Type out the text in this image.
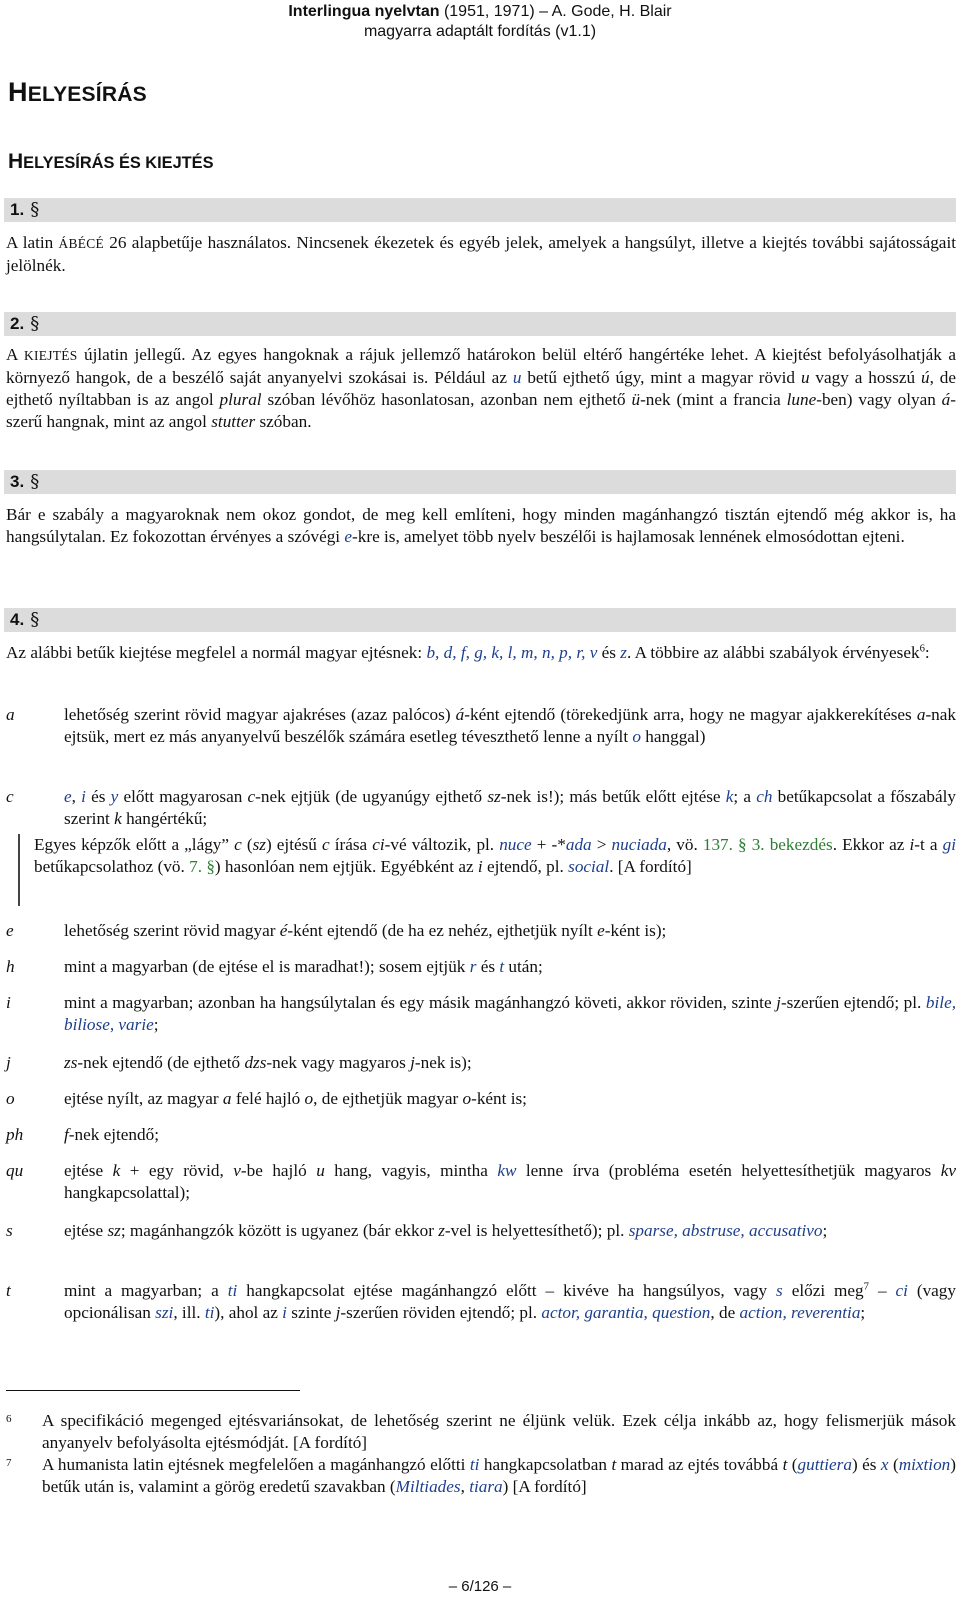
Interlingua nyelvtan (1951, 1971) – A. Gode, H. Blair
magyarra adaptált fordítás (v1.1)
HELYESÍRÁS
HELYESÍRÁS ÉS KIEJTÉS
1. §

A latin ÁBÉCÉ 26 alapbetűje használatos. Nincsenek ékezetek és egyéb jelek, amelyek a hangsúlyt, illetve a kiejtés további sajátosságait jelölnék.

2. §

A KIEJTÉS újlatin jellegű. Az egyes hangoknak a rájuk jellemző határokon belül eltérő hangértéke lehet. A kiejtést befolyásolhatják a környező hangok, de a beszélő saját anyanyelvi szokásai is. Például az u betű ejthető úgy, mint a magyar rövid u vagy a hosszú ú, de ejthető nyíltabban is az angol plural szóban lévőhöz hasonlatosan, azonban nem ejthető ü-nek (mint a francia lune-ben) vagy olyan á-szerű hangnak, mint az angol stutter szóban.

3. §

Bár e szabály a magyaroknak nem okoz gondot, de meg kell említeni, hogy minden magánhangzó tisztán ejtendő még akkor is, ha hangsúlytalan. Ez fokozottan érvényes a szóvégi e-kre is, amelyet több nyelv beszélői is hajlamosak lennének elmosódottan ejteni.

4. §

Az alábbi betűk kiejtése megfelel a normál magyar ejtésnek: b, d, f, g, k, l, m, n, p, r, v és z. A többire az alábbi szabályok érvényesek$^6$:

a	lehetőség szerint rövid magyar ajakréses (azaz palócos) á-ként ejtendő (törekedjünk arra, hogy ne magyar ajakkerekítéses a-nak ejtsük, mert ez más anyanyelvű beszélők számára esetleg téveszthető lenne a nyílt o hanggal)
c	e, i és y előtt magyarosan c-nek ejtjük (de ugyanúgy ejthető sz-nek is!); más betűk előtt ejtése k; a ch betűkapcsolat a főszabály szerint k hangértékű;
Egyes képzők előtt a „lágy” c (sz) ejtésű c írása ci-vé változik, pl. nuce + -*ada > nuciada, vö. 137. § 3. bekezdés. Ekkor az i-t a gi betűkapcsolathoz (vö. 7. §) hasonlóan nem ejtjük. Egyébként az i ejtendő, pl. social. [A fordító]
e	lehetőség szerint rövid magyar é-ként ejtendő (de ha ez nehéz, ejthetjük nyílt e-ként is);
h	mint a magyarban (de ejtése el is maradhat!); sosem ejtjük r és t után;
i	mint a magyarban; azonban ha hangsúlytalan és egy másik magánhangzó követi, akkor röviden, szinte j-szerűen ejtendő; pl. bile, biliose, varie;
j	zs-nek ejtendő (de ejthető dzs-nek vagy magyaros j-nek is);
o	ejtése nyílt, az magyar a felé hajló o, de ejthetjük magyar o-ként is;
ph f-nek ejtendő;
qu ejtése k + egy rövid, v-be hajló u hang, vagyis, mintha kw lenne írva (probléma esetén helyettesíthetjük magyaros kv hangkapcsolattal);
s	ejtése sz; magánhangzók között is ugyanez (bár ekkor z-vel is helyettesíthető); pl. sparse, abstruse, accusativo;
t	mint a magyarban; a ti hangkapcsolat ejtése magánhangzó előtt – kivéve ha hangsúlyos, vagy s előzi meg$^7$ – ci (vagy opcionálisan szi, ill. ti), ahol az i szinte j-szerűen röviden ejtendő; pl. actor, garantia, question, de action, reverentia;
6 A specifikáció megenged ejtésvariánsokat, de lehetőség szerint ne éljünk velük. Ezek célja inkább az, hogy felismerjük mások anyanyelv befolyásolta ejtésmódját. [A fordító]
7 A humanista latin ejtésnek megfelelően a magánhangzó előtti ti hangkapcsolatban t marad az ejtés továbbá t (guttiera) és x (mixtion) betűk után is, valamint a görög eredetű szavakban (Miltiades, tiara) [A fordító]
– 6/126 –
